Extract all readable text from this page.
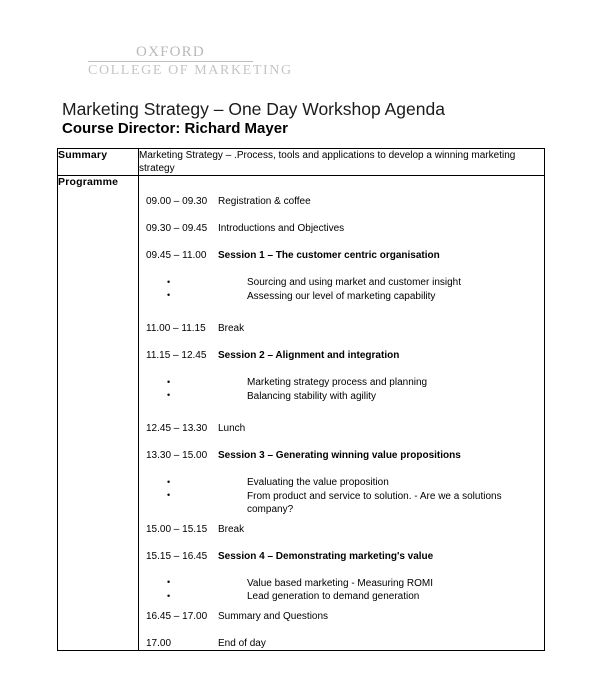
OXFORD
COLLEGE OF MARKETING
Marketing Strategy – One Day Workshop Agenda
Course Director: Richard Mayer
Summary	Marketing Strategy – .Process, tools and applications to develop a winning marketing strategy
Programme	
09.00 – 09.30	Registration & coffee
09.30 – 09.45	Introductions and Objectives
09.45 – 11.00	Session 1 – The customer centric organisation
• Sourcing and using market and customer insight
• Assessing our level of marketing capability
11.00 – 11.15	Break
11.15 – 12.45	Session 2 – Alignment and integration
• Marketing strategy process and planning
• Balancing stability with agility
12.45 – 13.30	Lunch
13.30 – 15.00	Session 3 – Generating winning value propositions
• Evaluating the value proposition
• From product and service to solution. - Are we a solutions company?
15.00 – 15.15	Break
15.15 – 16.45	Session 4 – Demonstrating marketing's value
• Value based marketing - Measuring ROMI
• Lead generation to demand generation
16.45 – 17.00	Summary and Questions
17.00	End of day
